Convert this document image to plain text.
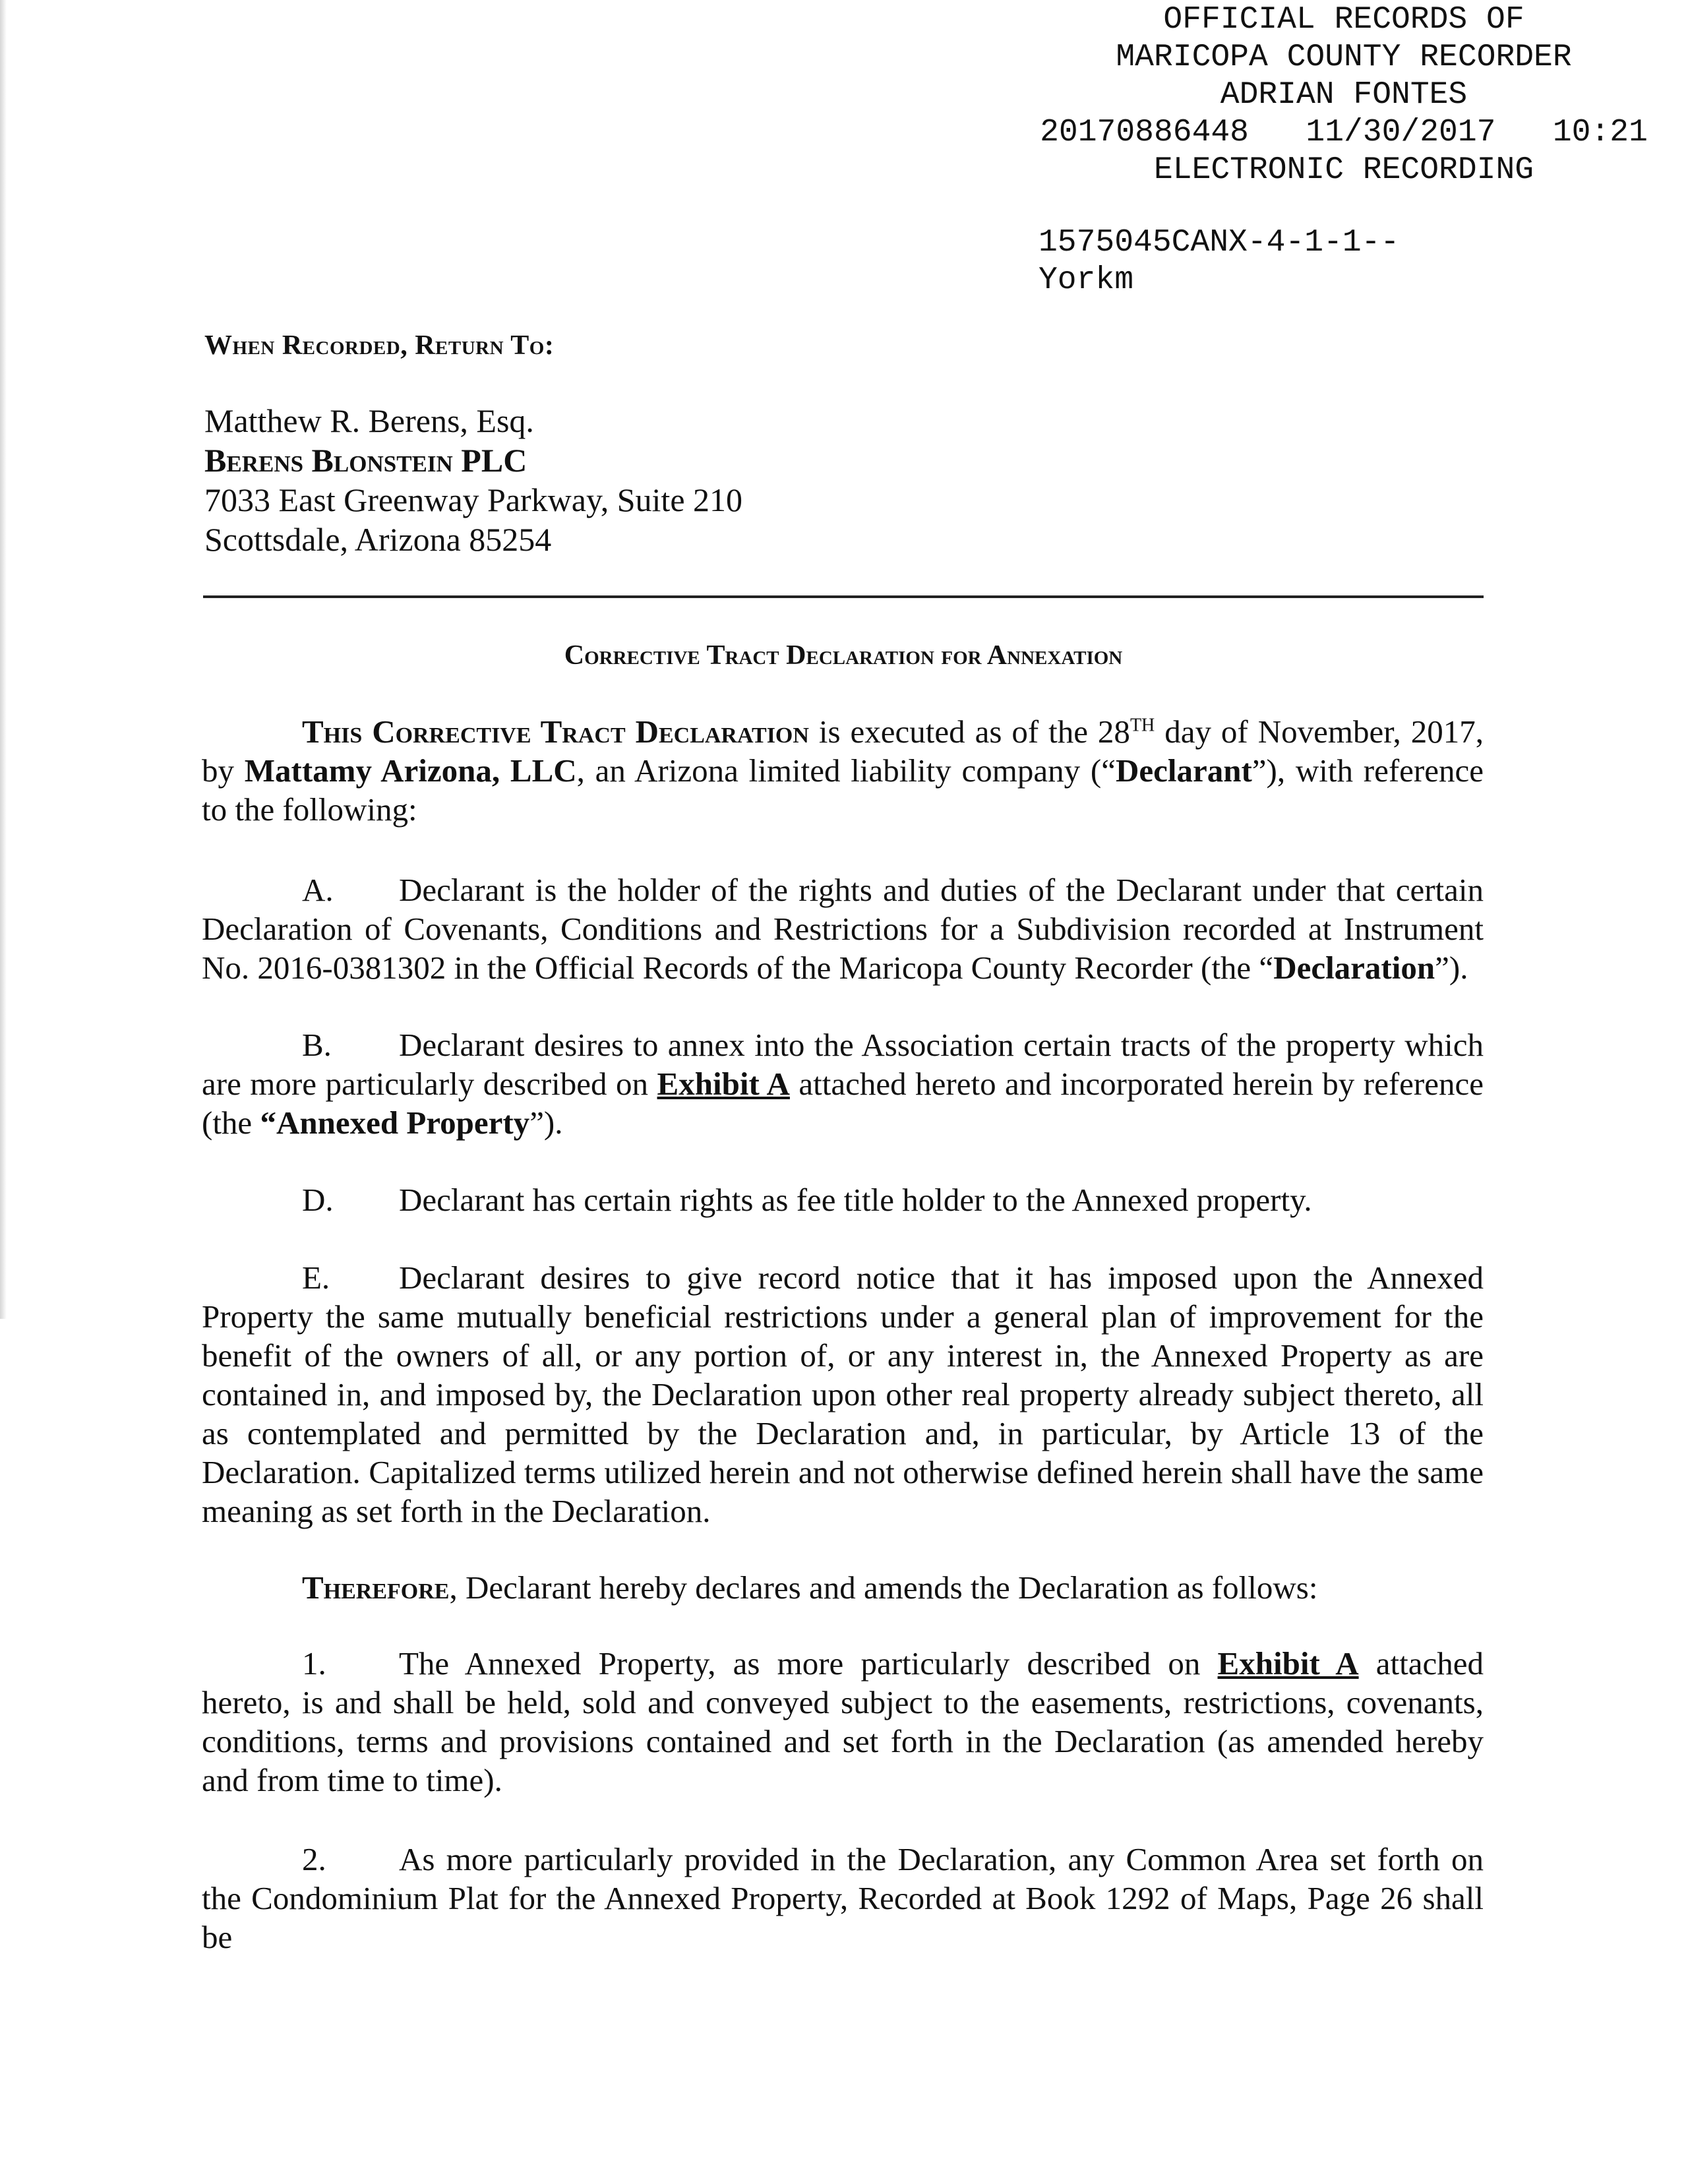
OFFICIAL RECORDS OF
MARICOPA COUNTY RECORDER
ADRIAN FONTES
20170886448   11/30/2017   10:21
ELECTRONIC RECORDING
1575045CANX-4-1-1--
Yorkm
When Recorded, Return To:
Matthew R. Berens, Esq.
Berens Blonstein PLC
7033 East Greenway Parkway, Suite 210
Scottsdale, Arizona 85254
Corrective Tract Declaration for Annexation
This Corrective Tract Declaration is executed as of the 28TH day of November, 2017, by Mattamy Arizona, LLC, an Arizona limited liability company (“Declarant”), with reference to the following:
A. Declarant is the holder of the rights and duties of the Declarant under that certain Declaration of Covenants, Conditions and Restrictions for a Subdivision recorded at Instrument No. 2016-0381302 in the Official Records of the Maricopa County Recorder (the “Declaration”).
B. Declarant desires to annex into the Association certain tracts of the property which are more particularly described on Exhibit A attached hereto and incorporated herein by reference (the “Annexed Property”).
D. Declarant has certain rights as fee title holder to the Annexed property.
E. Declarant desires to give record notice that it has imposed upon the Annexed Property the same mutually beneficial restrictions under a general plan of improvement for the benefit of the owners of all, or any portion of, or any interest in, the Annexed Property as are contained in, and imposed by, the Declaration upon other real property already subject thereto, all as contemplated and permitted by the Declaration and, in particular, by Article 13 of the Declaration. Capitalized terms utilized herein and not otherwise defined herein shall have the same meaning as set forth in the Declaration.
Therefore, Declarant hereby declares and amends the Declaration as follows:
1. The Annexed Property, as more particularly described on Exhibit A attached hereto, is and shall be held, sold and conveyed subject to the easements, restrictions, covenants, conditions, terms and provisions contained and set forth in the Declaration (as amended hereby and from time to time).
2. As more particularly provided in the Declaration, any Common Area set forth on the Condominium Plat for the Annexed Property, Recorded at Book 1292 of Maps, Page 26 shall be
